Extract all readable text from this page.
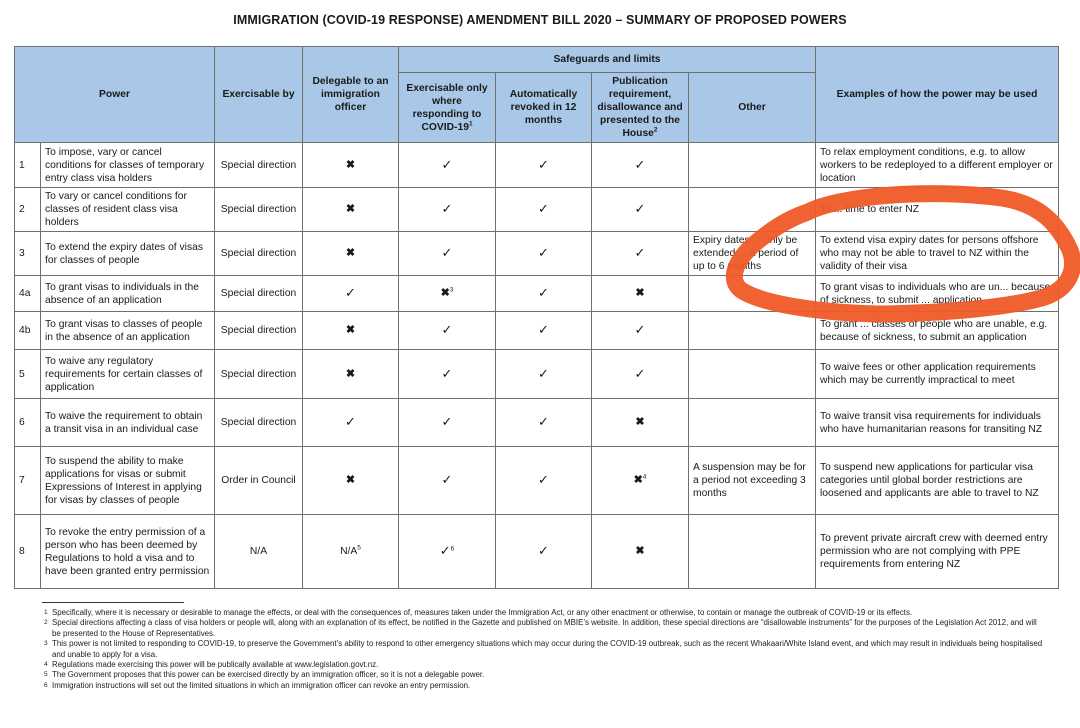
IMMIGRATION (COVID-19 RESPONSE) AMENDMENT BILL 2020 – SUMMARY OF PROPOSED POWERS
Power		Exercisable by	Delegable to an immigration officer	Safeguards and limits				Examples of how the power may be used
				Exercisable only where responding to COVID-$19^1$	Automatically revoked in 12 months	Publication requirement, disallowance and presented to the House$^2$	Other	
1	To impose, vary or cancel conditions for classes of temporary entry class visa holders	Special direction	✖	✓	✓	✓		To relax employment conditions, e.g. to allow workers to be redeployed to a different employer or location
2	To vary or cancel conditions for classes of resident class visa holders	Special direction	✖	✓	✓	✓		To ... time to enter NZ
3	To extend the expiry dates of visas for classes of people	Special direction	✖	✓	✓	✓	Expiry dates ... only be extended ... a period of up to 6 months	To extend visa expiry dates for persons offshore who may not be able to travel to NZ within the validity of their visa
4a	To grant visas to individuals in the absence of an application	Special direction	✓	✖$^3$	✓	✖		To grant visas to individuals who are un... because of sickness, to submit ... application
4b	To grant visas to classes of people in the absence of an application	Special direction	✖	✓	✓	✓		To grant ... classes of people who are unable, e.g. because of sickness, to submit an application
5	To waive any regulatory requirements for certain classes of application	Special direction	✖	✓	✓	✓		To waive fees or other application requirements which may be currently impractical to meet
6	To waive the requirement to obtain a transit visa in an individual case	Special direction	✓	✓	✓	✖		To waive transit visa requirements for individuals who have humanitarian reasons for transiting NZ
7	To suspend the ability to make applications for visas or submit Expressions of Interest in applying for visas by classes of people	Order in Council	✖	✓	✓	✖$^4$	A suspension may be for a period not exceeding 3 months	To suspend new applications for particular visa categories until global border restrictions are loosened and applicants are able to travel to NZ
8	To revoke the entry permission of a person who has been deemed by Regulations to hold a visa and to have been granted entry permission	N/A	$N/A^5$	✓$^6$	✓	✖		To prevent private aircraft crew with deemed entry permission who are not complying with PPE requirements from entering NZ
1 Specifically, where it is necessary or desirable to manage the effects, or deal with the consequences of, measures taken under the Immigration Act, or any other enactment or otherwise, to contain or manage the outbreak of COVID-19 or its effects.
2 Special directions affecting a class of visa holders or people will, along with an explanation of its effect, be notified in the Gazette and published on MBIE’s website. In addition, these special directions are “disallowable instruments” for the purposes of the Legislation Act 2012, and will be presented to the House of Representatives.
3 This power is not limited to responding to COVID-19, to preserve the Government’s ability to respond to other emergency situations which may occur during the COVID-19 outbreak, such as the recent Whakaari/White Island event, and which may result in individuals being hospitalised and unable to apply for a visa.
4 Regulations made exercising this power will be publically available at www.legislation.govt.nz.
5 The Government proposes that this power can be exercised directly by an immigration officer, so it is not a delegable power.
6 Immigration instructions will set out the limited situations in which an immigration officer can revoke an entry permission.
